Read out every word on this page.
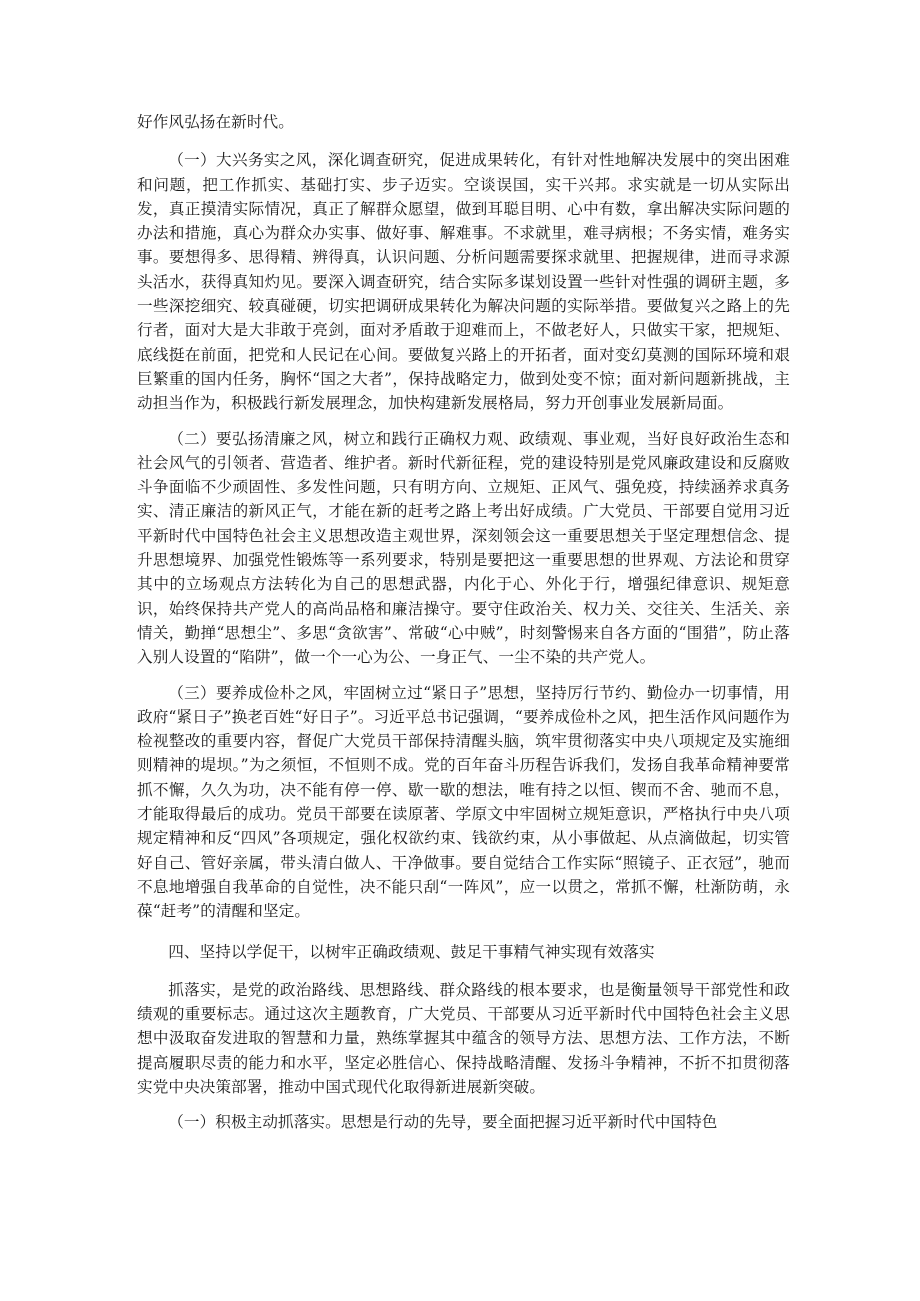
好作风弘扬在新时代。

（一）大兴务实之风，深化调查研究，促进成果转化，有针对性地解决发展中的突出困难和问题，把工作抓实、基础打实、步子迈实。空谈误国，实干兴邦。求实就是一切从实际出发，真正摸清实际情况，真正了解群众愿望，做到耳聪目明、心中有数，拿出解决实际问题的办法和措施，真心为群众办实事、做好事、解难事。不求就里，难寻病根；不务实情，难务实事。要想得多、思得精、辨得真，认识问题、分析问题需要探求就里、把握规律，进而寻求源头活水，获得真知灼见。要深入调查研究，结合实际多谋划设置一些针对性强的调研主题，多一些深挖细究、较真碰硬，切实把调研成果转化为解决问题的实际举措。要做复兴之路上的先行者，面对大是大非敢于亮剑，面对矛盾敢于迎难而上，不做老好人，只做实干家，把规矩、底线挺在前面，把党和人民记在心间。要做复兴路上的开拓者，面对变幻莫测的国际环境和艰巨繁重的国内任务，胸怀“国之大者”，保持战略定力，做到处变不惊；面对新问题新挑战，主动担当作为，积极践行新发展理念，加快构建新发展格局，努力开创事业发展新局面。

（二）要弘扬清廉之风，树立和践行正确权力观、政绩观、事业观，当好良好政治生态和社会风气的引领者、营造者、维护者。新时代新征程，党的建设特别是党风廉政建设和反腐败斗争面临不少顽固性、多发性问题，只有明方向、立规矩、正风气、强免疫，持续涵养求真务实、清正廉洁的新风正气，才能在新的赶考之路上考出好成绩。广大党员、干部要自觉用习近平新时代中国特色社会主义思想改造主观世界，深刻领会这一重要思想关于坚定理想信念、提升思想境界、加强党性锻炼等一系列要求，特别是要把这一重要思想的世界观、方法论和贯穿其中的立场观点方法转化为自己的思想武器，内化于心、外化于行，增强纪律意识、规矩意识，始终保持共产党人的高尚品格和廉洁操守。要守住政治关、权力关、交往关、生活关、亲情关，勤掸“思想尘”、多思“贪欲害”、常破“心中贼”，时刻警惕来自各方面的“围猎”，防止落入别人设置的“陷阱”，做一个一心为公、一身正气、一尘不染的共产党人。

（三）要养成俭朴之风，牢固树立过“紧日子”思想，坚持厉行节约、勤俭办一切事情，用政府“紧日子”换老百姓“好日子”。习近平总书记强调，“要养成俭朴之风，把生活作风问题作为检视整改的重要内容，督促广大党员干部保持清醒头脑，筑牢贯彻落实中央八项规定及实施细则精神的堤坝。”为之须恒，不恒则不成。党的百年奋斗历程告诉我们，发扬自我革命精神要常抓不懈，久久为功，决不能有停一停、歇一歇的想法，唯有持之以恒、锲而不舍、驰而不息，才能取得最后的成功。党员干部要在读原著、学原文中牢固树立规矩意识，严格执行中央八项规定精神和反“四风”各项规定，强化权欲约束、钱欲约束，从小事做起、从点滴做起，切实管好自己、管好亲属，带头清白做人、干净做事。要自觉结合工作实际“照镜子、正衣冠”，驰而不息地增强自我革命的自觉性，决不能只刮“一阵风”，应一以贯之，常抓不懈，杜渐防萌，永葆“赶考”的清醒和坚定。

四、坚持以学促干，以树牢正确政绩观、鼓足干事精气神实现有效落实

抓落实，是党的政治路线、思想路线、群众路线的根本要求，也是衡量领导干部党性和政绩观的重要标志。通过这次主题教育，广大党员、干部要从习近平新时代中国特色社会主义思想中汲取奋发进取的智慧和力量，熟练掌握其中蕴含的领导方法、思想方法、工作方法，不断提高履职尽责的能力和水平，坚定必胜信心、保持战略清醒、发扬斗争精神，不折不扣贯彻落实党中央决策部署，推动中国式现代化取得新进展新突破。

（一）积极主动抓落实。思想是行动的先导，要全面把握习近平新时代中国特色
